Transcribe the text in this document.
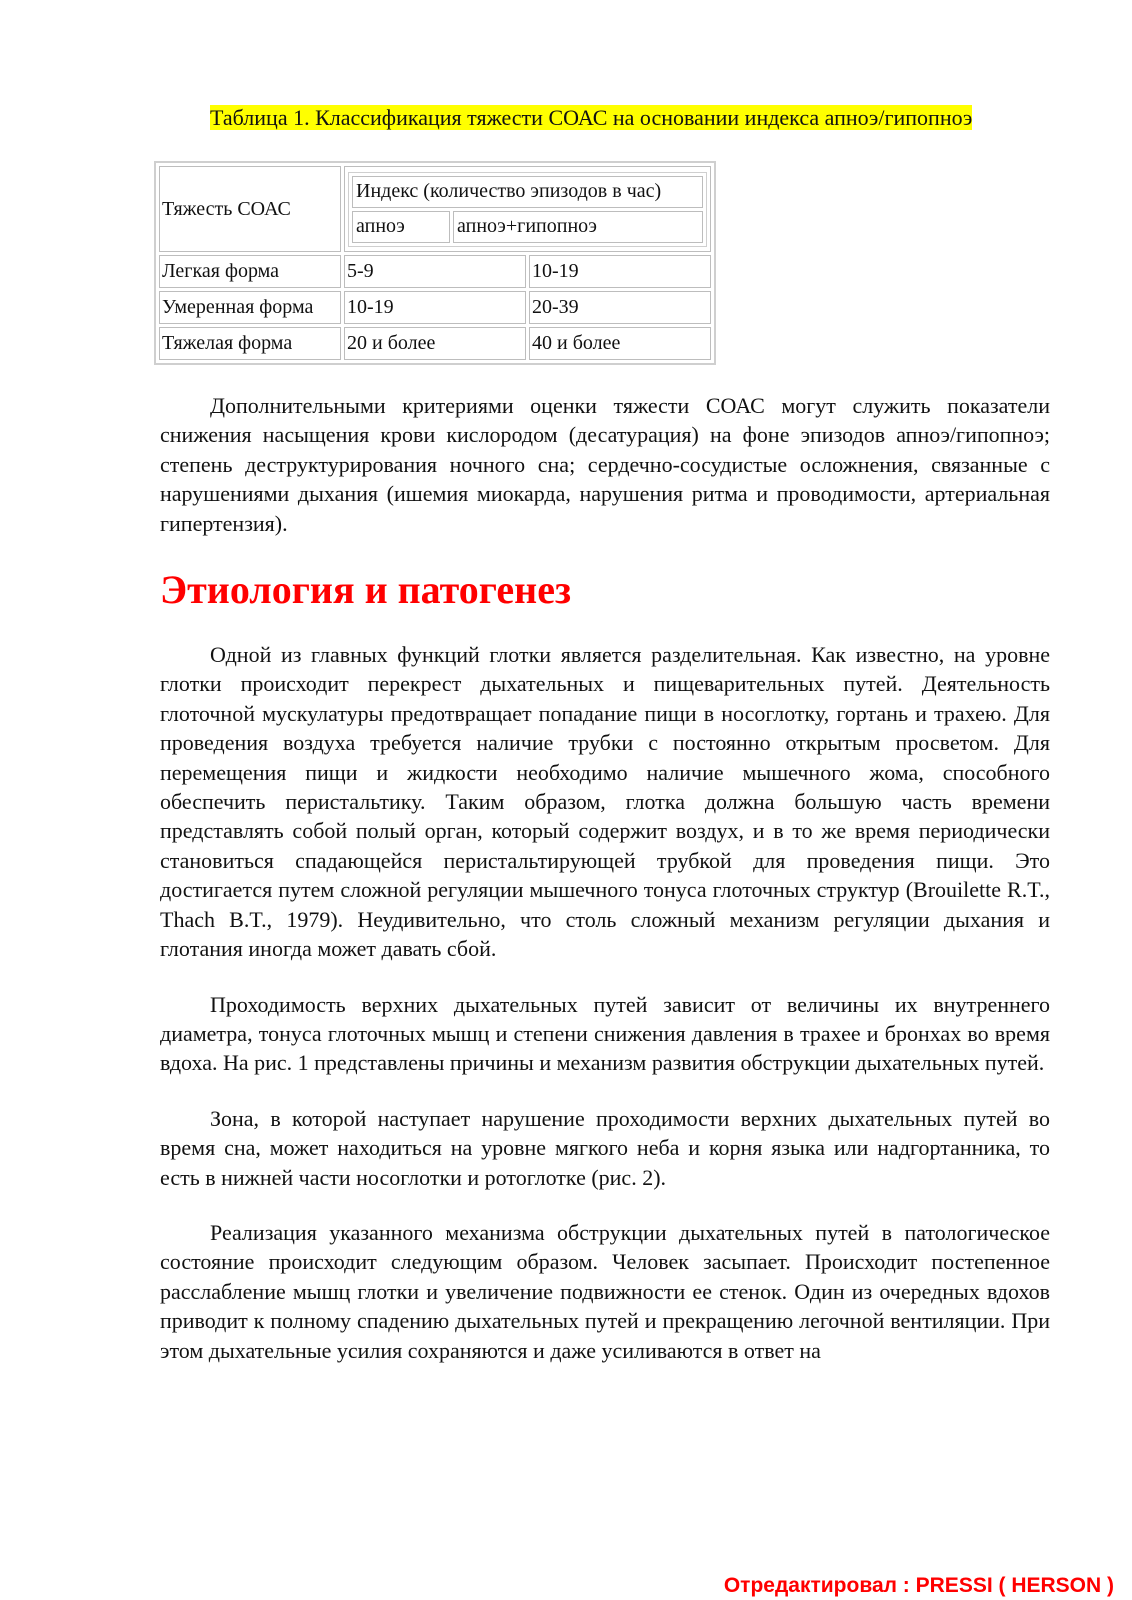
Таблица 1. Классификация тяжести СОАС на основании индекса апноэ/гипопноэ

Тяжесть СОАС	
Индекс (количество эпизодов в час)
апноэ	апноэ+гипопноэ

Легкая форма	5-9	10-19
Умеренная форма	10-19	20-39
Тяжелая форма	20 и более	40 и более

Дополнительными критериями оценки тяжести СОАС могут служить показатели снижения насыщения крови кислородом (десатурация) на фоне эпизодов апноэ/гипопноэ; степень деструктурирования ночного сна; сердечно-сосудистые осложнения, связанные с нарушениями дыхания (ишемия миокарда, нарушения ритма и проводимости, артериальная гипертензия).

Этиология и патогенез

Одной из главных функций глотки является разделительная. Как известно, на уровне глотки происходит перекрест дыхательных и пищеварительных путей. Деятельность глоточной мускулатуры предотвращает попадание пищи в носоглотку, гортань и трахею. Для проведения воздуха требуется наличие трубки с постоянно открытым просветом. Для перемещения пищи и жидкости необходимо наличие мышечного жома, способного обеспечить перистальтику. Таким образом, глотка должна большую часть времени представлять собой полый орган, который содержит воздух, и в то же время периодически становиться спадающейся перистальтирующей трубкой для проведения пищи. Это достигается путем сложной регуляции мышечного тонуса глоточных структур (Brouilette R.T., Thach B.T., 1979). Неудивительно, что столь сложный механизм регуляции дыхания и глотания иногда может давать сбой.

Проходимость верхних дыхательных путей зависит от величины их внутреннего диаметра, тонуса глоточных мышц и степени снижения давления в трахее и бронхах во время вдоха. На рис. 1 представлены причины и механизм развития обструкции дыхательных путей.

Зона, в которой наступает нарушение проходимости верхних дыхательных путей во время сна, может находиться на уровне мягкого неба и корня языка или надгортанника, то есть в нижней части носоглотки и ротоглотке (рис. 2).

Реализация указанного механизма обструкции дыхательных путей в патологическое состояние происходит следующим образом. Человек засыпает. Происходит постепенное расслабление мышц глотки и увеличение подвижности ее стенок. Один из очередных вдохов приводит к полному спадению дыхательных путей и прекращению легочной вентиляции. При этом дыхательные усилия сохраняются и даже усиливаются в ответ на

Отредактировал : PRESSI ( HERSON )
